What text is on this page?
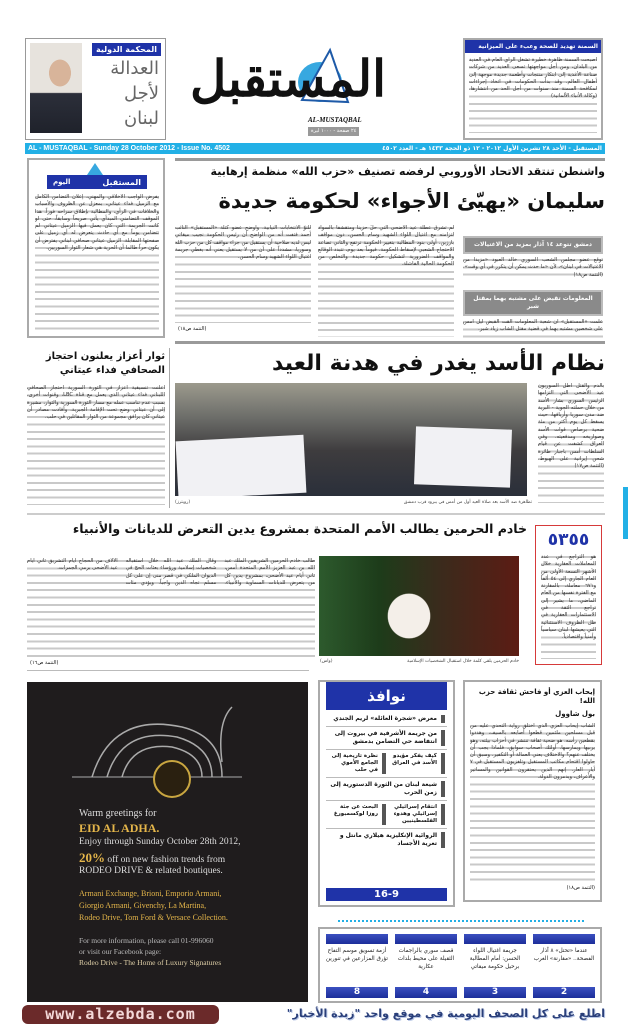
المحكمة الدولية
العدالة
لأجل
لبنان
المستقبل
AL-MUSTAQBAL
٢٤ صفحة - ١٠٠٠ ليرة
السمنة تهديد للصحة وعبء على الميزانية
أصبحت السمنة ظاهرة خطيرة تشغل الرأي العام في العديد من البلدان، ومن أجل مواجهتها تسعى العديد من شركات صناعة الأغذية إلى ابتكار منتجات وأطعمة جديدة موجهة إلى أطفال العالم. وقد بدأت الحكومات في اتخاذ إجراءات لمكافحة السمنة منذ سنوات من أجل الحد من انتشارها. (وكالة الأنباء الألمانية)
AL - MUSTAQBAL - Sunday 28 October 2012 - Issue No. 4502	المستقبل - الأحد ٢٨ تشرين الأول ٢٠١٢ - ١٢ ذو الحجة ١٤٣٣ هـ - العدد ٤٥٠٢
المستقبل
اليوم
يفرض الواجب الأخلاقي والمهني، إعلان التضامن الكامل مع الزميل فداء عيتاني، بمعزل عن الظروف والأسباب والخلافات في الرأي، والمطالبة بإطلاق سراحه فوراً. هذا الموقف التضامني المبدأي يأتي صريحاً وسابقاً، حتى لو كانت الجريمة التي كان يعمل فيها الزميل عيتاني لم تتضامن يوماً مع أي حادث يتعرض له أي زميل على صفحتها المقابلة. الزميل عيتاني صحافي لبناني يفترض أن يكون حراً طالما أن الحرية هي شعار الثوار السوريين.
واشنطن تنتقد الاتحاد الأوروبي لرفضه تصنيف «حزب الله» منظمة إرهابية
سليمان «يهيّئ الأجواء» لحكومة جديدة
لم تشرق عطلة عيد الأضحى التي حلّ حزيناً ومتقشفاً بالسواد لتزامنه مع اغتيال اللواء الشهيد وسام الحسن، دون مواقف بارزين. أولى بنود المطالبة بتغيير الحكومة ترتفع والثاني تصاعد الاحتجاج الشعبي لإسقاط الحكومة. فيوماً بعد يوم، تتبدد الوقائع والمواقف الضرورية لتشكيل حكومة جديدة والتخلص من الحكومة الحالية الفاشلة.
للتوّ الانتخابات النيابية. وأوضح عضو كتلة «المستقبل» النائب أحمد فتفت أنه من الواضح أن رئيس الحكومة نجيب ميقاتي ليس لديه صلاحية أن يستقيل من جراء مواقف كل من حزب الله وسوريا، مشدداً على أن من لا يستقيل يعني أنه يغطي جريمة اغتيال اللواء الشهيد وسام الحسن.
(التتمة ص١٨)
دمشق تتوعد ١٤ آذار بمزيد من الاغتيالات
توقع عضو مجلس الشعب السوري خالد العبود «مزيداً من الاغتيالات في لبنان»، لأن «ما حدث يمكن أن يتكرر في أي وقت». (التتمة ص١٨)
المعلومات تقبض على مشتبه بهما بمقتل شبر
علمت «المستقبل» أن شعبة المعلومات ألقت القبض ليل أمس على شخصين مشتبه بهما في قضية مقتل الشاب زياد شبر.
ثوار أعزاز يعلنون احتجاز
الصحافي فداء عيتاني
أعلنت تنسيقية أعزاز في الثورة السورية احتجاز الصحافي اللبناني فداء عيتاني الذي يعمل مع قناة LBC، وقنوات أخرى، بسبب عدم تناسب عمله مع مسار الثورة السورية والثوار، مشيرة إلى أن عيتاني وضع تحت الإقامة الجبرية. وأفادت مصادر أن عيتاني كان يرافق مجموعة من الثوار المقاتلين في حلب.
نظام الأسد يغدر في هدنة العيد
تظاهرة ضد الأسد بعد صلاة العيد أول من أمس في يبرود قرب دمشق
(رويترز)
بالدم والقتل أطل السوريون عيد الأضحى التي التزامها الرئيس السوري بشار الأسد من خلال حملته الجوية - البرية ضد مدن سوريا وأريافها، حيث يسقط كل يوم أكثر من مئة ضحية برصاص قوات الأسد وصواريخه ومدفعيته. وفي العراق كشفت عن قيام السلطات أمس باجبار طائرة شحن إيرانية على الهبوط. (التتمة ص١٧)
خادم الحرمين يطالب الأمم المتحدة بمشروع يدين التعرض للديانات والأنبياء
خادم الحرمين يلقي كلمة خلال استقبال الشخصيات الإسلامية
(واس)
طالب خادم الحرمين الشريفين الملك عبد الله بن عبد العزيز الأمم المتحدة أمس، ثاني أيام عيد الأضحى، بمشروع يدين كل من يتعرض للديانات السماوية والأنبياء. وقال الملك عبد الله خلال استقباله شخصيات إسلامية ورؤساء بعثات الحج في الديوان الملكي في قصر منى إن على كل مسلم تجاه الدين واجباً. ويؤدي مئات الآلاف من الحجاج أيام التشريق ثاني أيام عيد الأضحى برمي الجمرات.
(التتمة ص١٦)
٥٣٥٥
هو التراجع في عدد المعاملات العقارية خلال الأشهر التسعة الأولى من العام الجاري إلى ٥٤ ألفاً و٦٧١ معاملة، بالمقارنة مع الفترة نفسها من العام الماضي، ما يشير إلى تراجع الثقة في الاستثمارات العقارية في ظل الظروف الاستثنائية التي يعيشها لبنان سياسياً وأمنياً واقتصادياً.
Warm greetings for
EID AL ADHA.
Enjoy through Sunday October 28th 2012,
20% off on new fashion trends from
RODEO DRIVE & related boutiques.
Armani Exchange, Brioni, Emporio Armani,
Giorgio Armani, Givenchy, La Martina,
Rodeo Drive, Tom Ford & Versace Collection.
For more information, please call 01-996060
or visit our Facebook page:
Rodeo Drive - The Home of Luxury Signatures
نوافذ
معرض «شجرة العائلة» لريم الجندي
من جريمة الأشرفية في بيروت إلى انتفاضة حي التضامن بدمشق
كيف يفكر مؤيدو الأسد في العراق
نظرة تاريخية إلى الجامع الأموي في حلب
شيعة لبنان من الثورة الدستورية إلى زمن الحرب
انتقام إسرائيلي إسرائيلي وهدوء الفلسطينيين
البحث عن جثة روزا لوكسمبورغ
الروائية الإنكليزية هيلاري مانتل و تعرية الأجساد
16-9
إيحاب العزي أو فاحش ثقافة حزب الله!
بول شاوول
الشاب إيحاب العزي الذي اختلق رواية التحدي عليه من قبل مسلحين ملثمين قطعوا أصابعه بالسيف، وهددوا بقطعين رأسه. هو ضحية ثقافة تنتشر في أحزاب بيئته، وهو يربيها ويمارسها. أولئك أصحاب سوابق، فلماذا يجب أن يختلف عنهم؟ والاختلاف يعني العمالة أو التكفير. وسبق أن حاولوا اقتحام مكاتب المستقبل وتلفزيون المستقبل في ٧ أيار العار. إنهم الذين يحتقرون القوانين والمساتير والأعراف، ويدمرون الدولة.
(التتمة ص١٨)
عندما «تحتل» ٨ آذار الفصحة.. «مقارنة» الغرب
2
جريمة اغتيال اللواء الحسن: أمام المطالبة برحيل حكومة ميقاتي
3
قصف سوري بالراجمات الثقيلة على محيط بلدات عكارية
4
أزمة تسويق موسم التفاح تؤرق المزارعين في تنورين
8
www.alzebda.com	اطلع على كل الصحف اليومية في موقع واحد "زبدة الأخبار"
